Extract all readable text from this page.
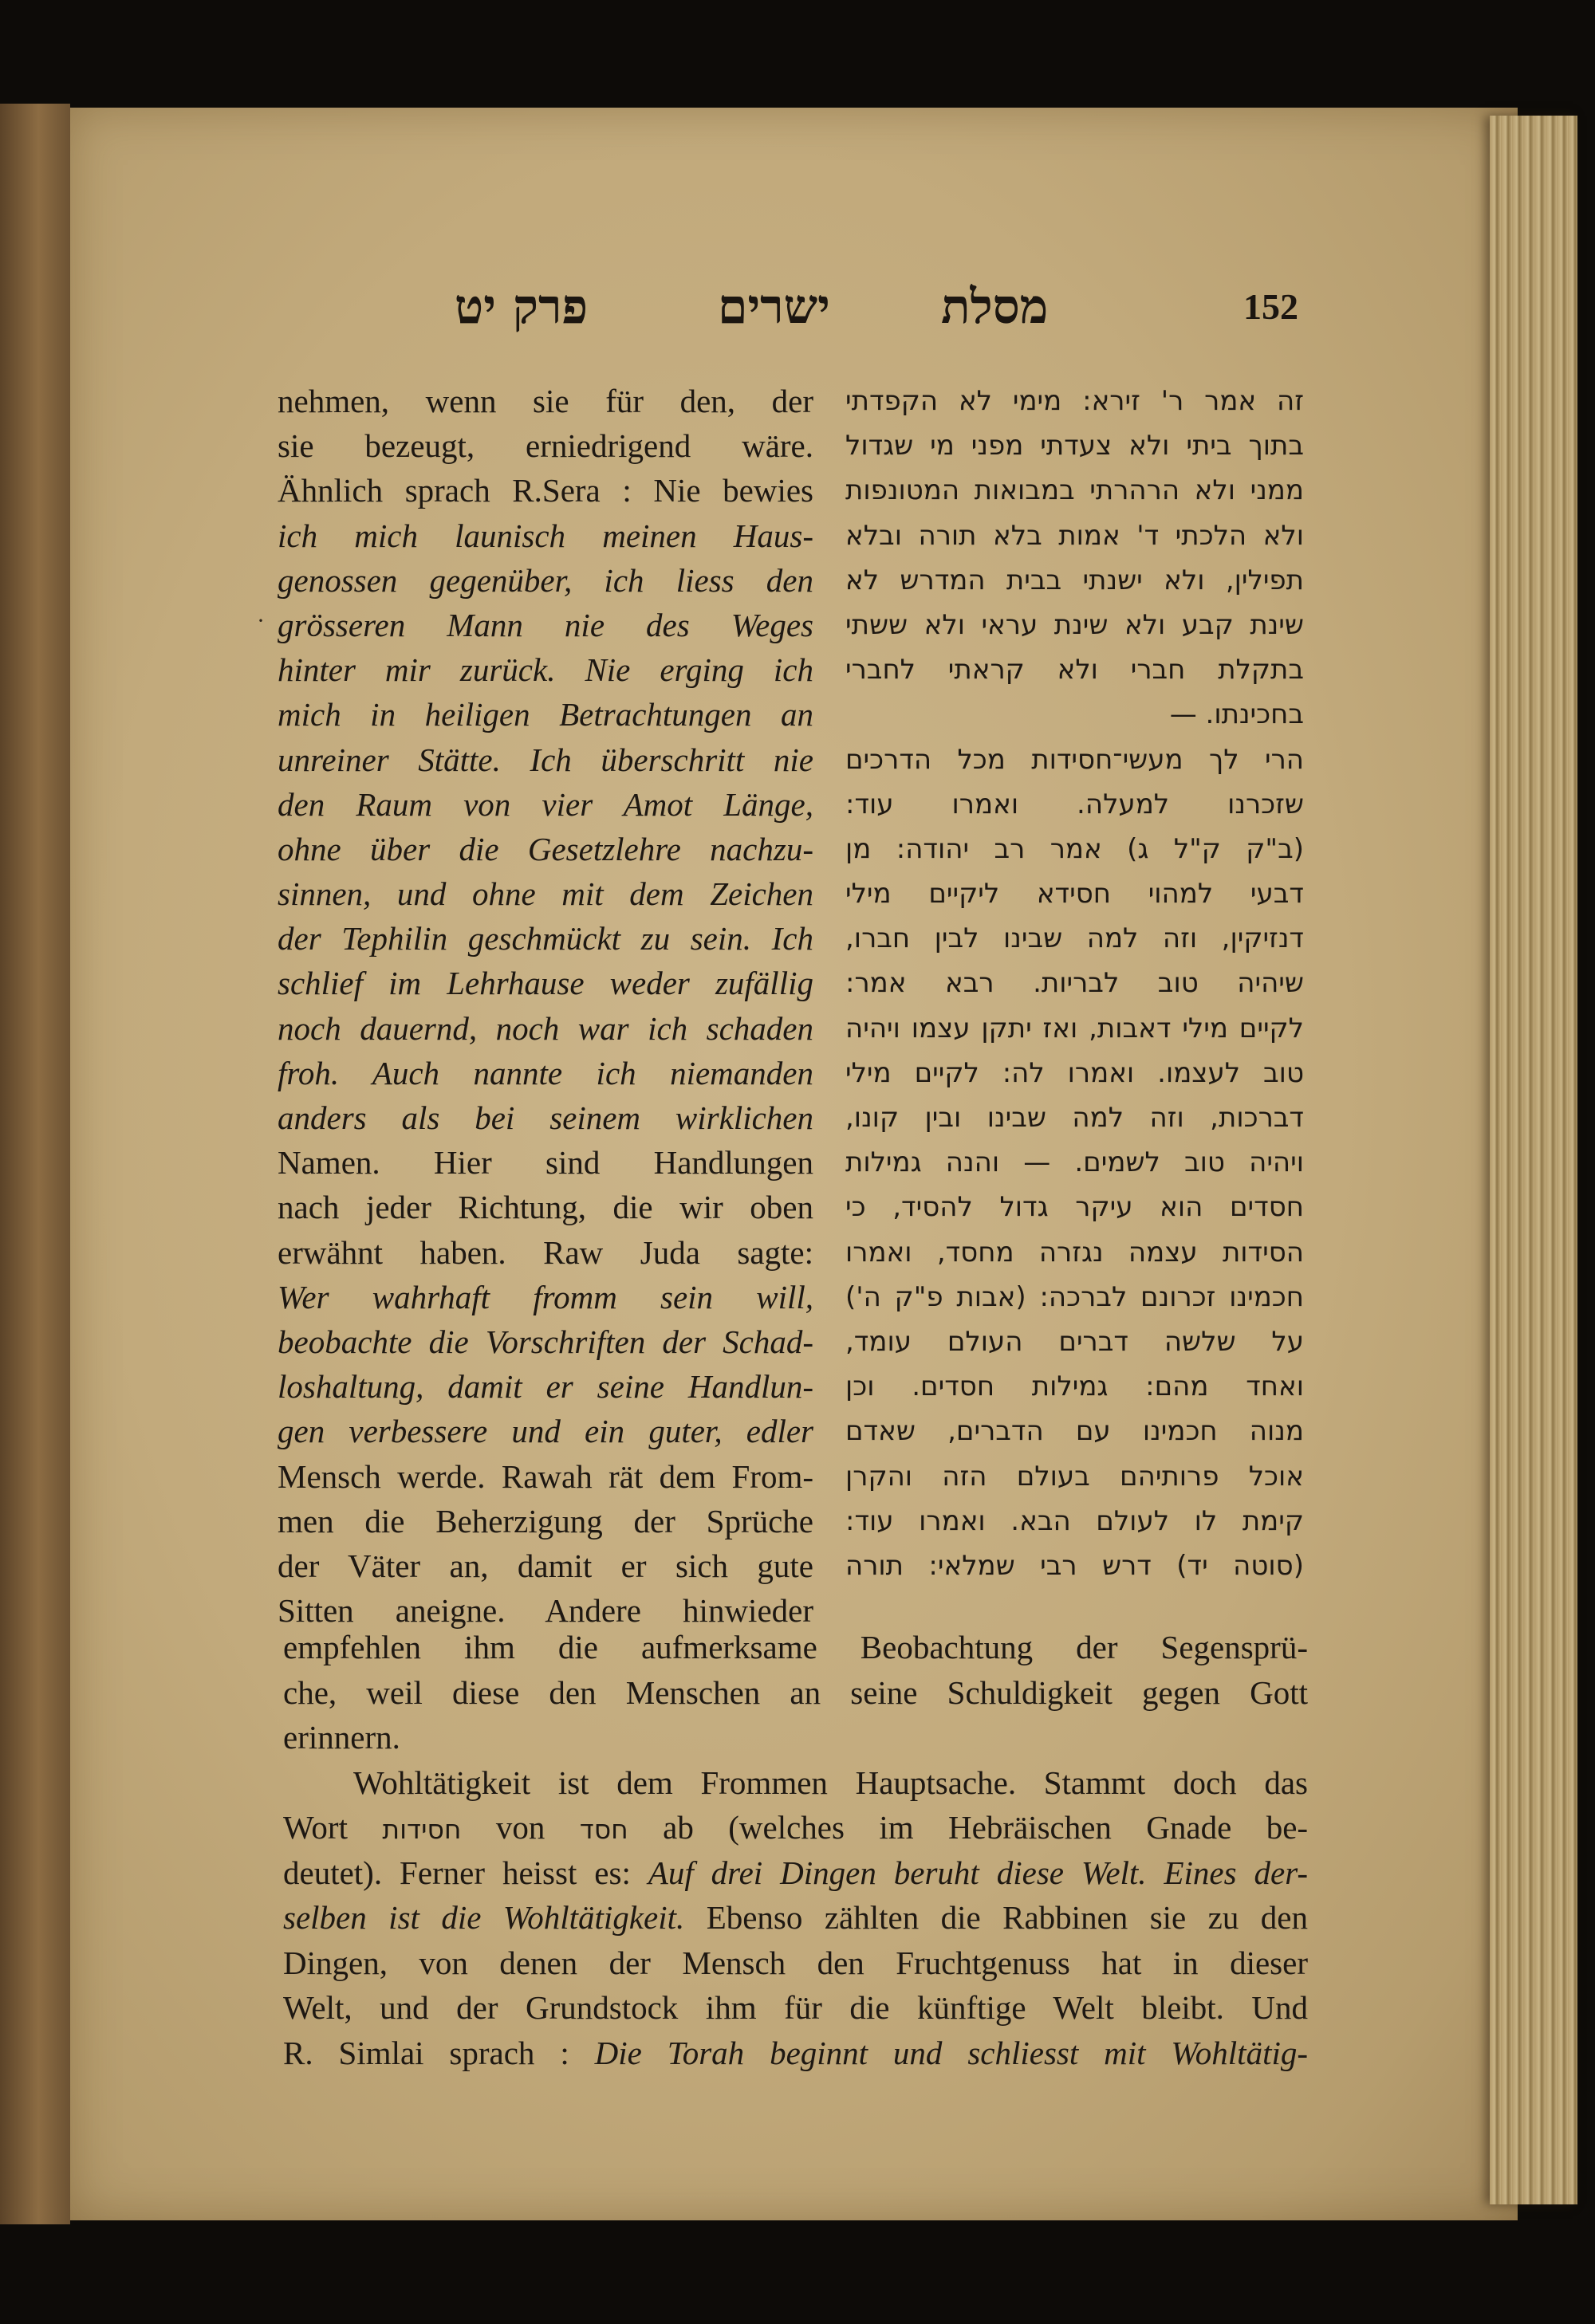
מסלת
ישרים
פרק יט	152
nehmen, wenn sie für den, der
sie bezeugt, erniedrigend wäre.
Ähnlich sprach R.Sera : Nie bewies
ich mich launisch meinen Haus-
genossen gegenüber, ich liess den
grösseren Mann nie des Weges
hinter mir zurück. Nie erging ich
mich in heiligen Betrachtungen an
unreiner Stätte. Ich überschritt nie
den Raum von vier Amot Länge,
ohne über die Gesetzlehre nachzu-
sinnen, und ohne mit dem Zeichen
der Tephilin geschmückt zu sein. Ich
schlief im Lehrhause weder zufällig
noch dauernd, noch war ich schaden
froh. Auch nannte ich niemanden
anders als bei seinem wirklichen
Namen. Hier sind Handlungen
nach jeder Richtung, die wir oben
erwähnt haben. Raw Juda sagte:
Wer wahrhaft fromm sein will,
beobachte die Vorschriften der Schad-
loshaltung, damit er seine Handlun-
gen verbessere und ein guter, edler
Mensch werde. Rawah rät dem From-
men die Beherzigung der Sprüche
der Väter an, damit er sich gute
Sitten aneigne. Andere hinwieder
זה אמר ר' זירא: מימי לא הקפדתי
בתוך ביתי ולא צעדתי מפני מי שגדול
ממני ולא הרהרתי במבואות המטונפות
ולא הלכתי ד' אמות בלא תורה ובלא
תפילין, ולא ישנתי בבית המדרש לא
שינת קבע ולא שינת עראי ולא ששתי
בתקלת חברי ולא קראתי לחברי
בחכינתו. —
הרי לך מעשי־חסידות מכל הדרכים
שזכרנו למעלה. ואמרו עוד:
(ב"ק ק"ל ג) אמר רב יהודה: מן
דבעי למהוי חסידא ליקיים מילי
דנזיקין, וזה למה שבינו לבין חברו,
שיהיה טוב לבריות. רבא אמר:
לקיים מילי דאבות, ואז יתקן עצמו ויהיה
טוב לעצמו. ואמרו לה: לקיים מילי
דברכות, וזה למה שבינו ובין קונו,
ויהיה טוב לשמים. — והנה גמילות
חסדים הוא עיקר גדול להסיד, כי
הסידות עצמה נגזרה מחסד, ואמרו
חכמינו זכרונם לברכה: (אבות פ"ק ה')
על שלשה דברים העולם עומד,
ואחד מהם: גמילות חסדים. וכן
מנוה חכמינו עם הדברים, שאדם
אוכל פרותיהם בעולם הזה והקרן
קימת לו לעולם הבא. ואמרו עוד:
(סוטה יד) דרש רבי שמלאי: תורה
empfehlen ihm die aufmerksame Beobachtung der Segensprü-
che, weil diese den Menschen an seine Schuldigkeit gegen Gott
erinnern.
Wohltätigkeit ist dem Frommen Hauptsache. Stammt doch das
Wort חסידות von חסד ab (welches im Hebräischen Gnade be-
deutet). Ferner heisst es: Auf drei Dingen beruht diese Welt. Eines der-
selben ist die Wohltätigkeit. Ebenso zählten die Rabbinen sie zu den
Dingen, von denen der Mensch den Fruchtgenuss hat in dieser
Welt, und der Grundstock ihm für die künftige Welt bleibt. Und
R. Simlai sprach : Die Torah beginnt und schliesst mit Wohltätig-
·
